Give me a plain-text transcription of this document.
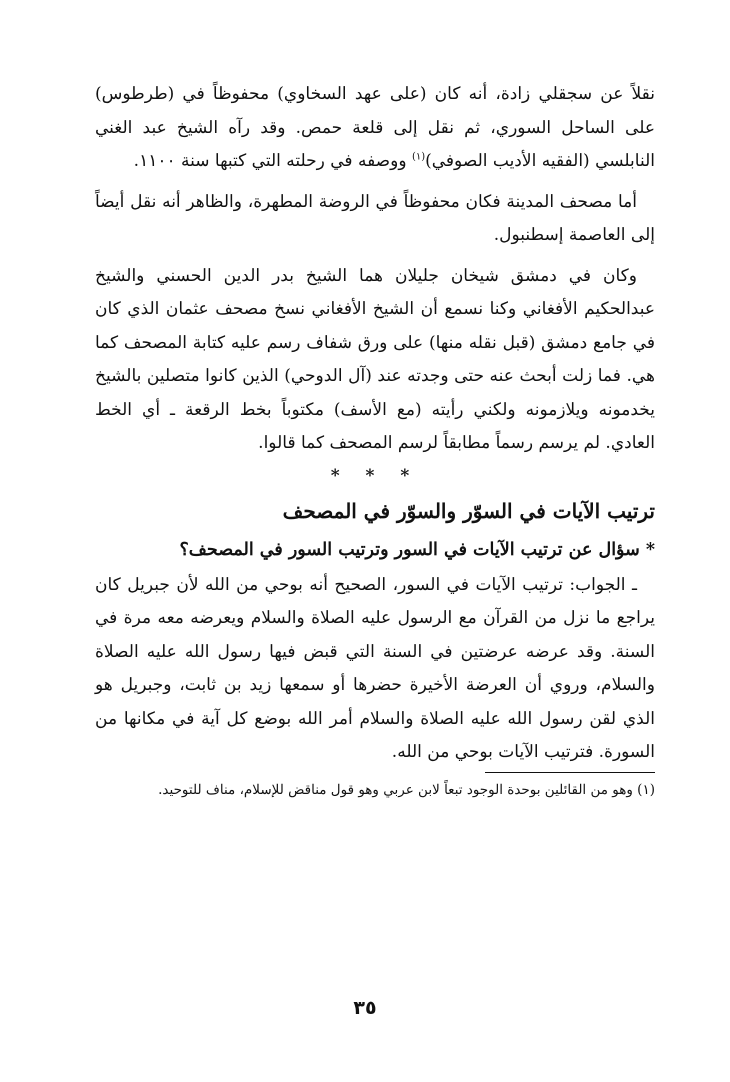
نقلاً عن سجقلي زادة، أنه كان (على عهد السخاوي) محفوظاً في (طرطوس) على الساحل السوري، ثم نقل إلى قلعة حمص. وقد رآه الشيخ عبد الغني النابلسي (الفقيه الأديب الصوفي)$^{(١)}$ ووصفه في رحلته التي كتبها سنة ١١٠٠.

أما مصحف المدينة فكان محفوظاً في الروضة المطهرة، والظاهر أنه نقل أيضاً إلى العاصمة إسطنبول.

وكان في دمشق شيخان جليلان هما الشيخ بدر الدين الحسني والشيخ عبدالحكيم الأفغاني وكنا نسمع أن الشيخ الأفغاني نسخ مصحف عثمان الذي كان في جامع دمشق (قبل نقله منها) على ورق شفاف رسم عليه كتابة المصحف كما هي. فما زلت أبحث عنه حتى وجدته عند (آل الدوحي) الذين كانوا متصلين بالشيخ يخدمونه ويلازمونه ولكني رأيته (مع الأسف) مكتوباً بخط الرقعة ـ أي الخط العادي. لم يرسم رسماً مطابقاً لرسم المصحف كما قالوا.

* * *

ترتيب الآيات في السوّر والسوّر في المصحف

* سؤال عن ترتيب الآيات في السور وترتيب السور في المصحف؟

ـ الجواب: ترتيب الآيات في السور، الصحيح أنه بوحي من الله لأن جبريل كان يراجع ما نزل من القرآن مع الرسول عليه الصلاة والسلام ويعرضه معه مرة في السنة. وقد عرضه عرضتين في السنة التي قبض فيها رسول الله عليه الصلاة والسلام، وروي أن العرضة الأخيرة حضرها أو سمعها زيد بن ثابت، وجبريل هو الذي لقن رسول الله عليه الصلاة والسلام أمر الله بوضع كل آية في مكانها من السورة. فترتيب الآيات بوحي من الله.

(١) وهو من القائلين بوحدة الوجود تبعاً لابن عربي وهو قول مناقض للإسلام، مناف للتوحيد.

٣٥
